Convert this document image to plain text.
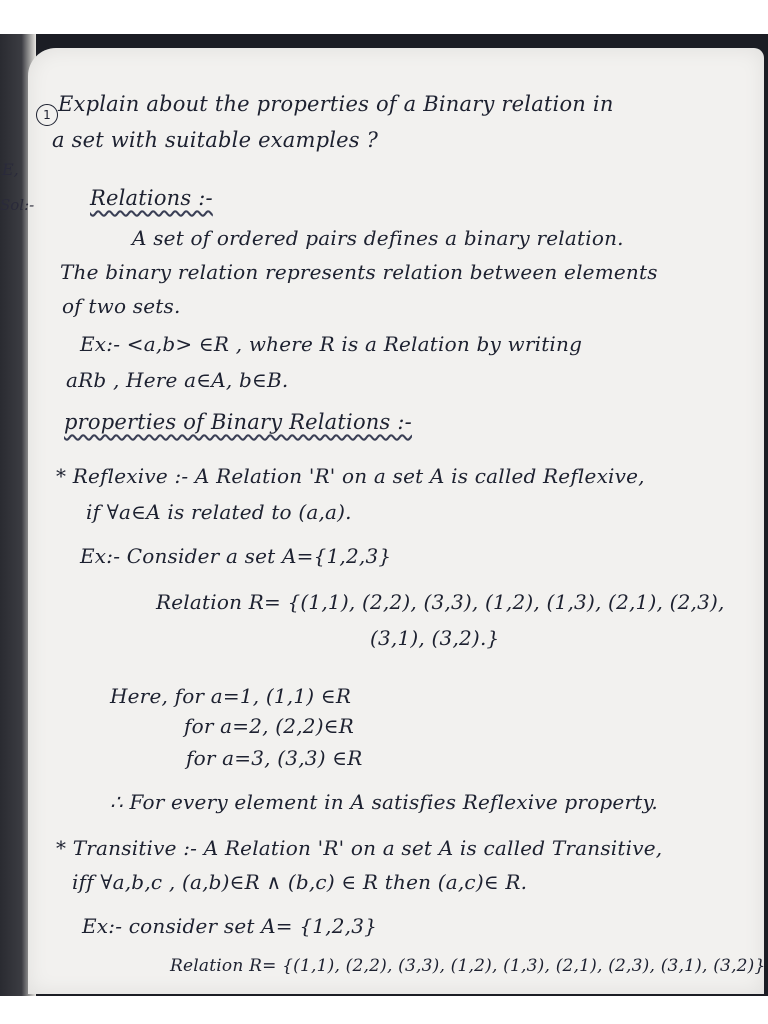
E,
Sol:-
1 Explain about the properties of a Binary relation in
a set with suitable examples ?
Relations :-
A set of ordered pairs defines a binary relation.
The binary relation represents relation between elements
of two sets.
Ex:- <a,b> ∈R , where R is a Relation by writing
aRb , Here a∈A, b∈B.
properties of Binary Relations :-
* Reflexive :- A Relation 'R' on a set A is called Reflexive,
if ∀a∈A is related to (a,a).
Ex:- Consider a set A={1,2,3}
Relation R= {(1,1), (2,2), (3,3), (1,2), (1,3), (2,1), (2,3),
(3,1), (3,2).}
Here, for a=1, (1,1) ∈R
for a=2, (2,2)∈R
for a=3, (3,3) ∈R
∴ For every element in A satisfies Reflexive property.
* Transitive :- A Relation 'R' on a set A is called Transitive,
iff ∀a,b,c , (a,b)∈R ∧ (b,c) ∈ R then (a,c)∈ R.
Ex:- consider set A= {1,2,3}
Relation R= {(1,1), (2,2), (3,3), (1,2), (1,3), (2,1), (2,3), (3,1), (3,2)}
